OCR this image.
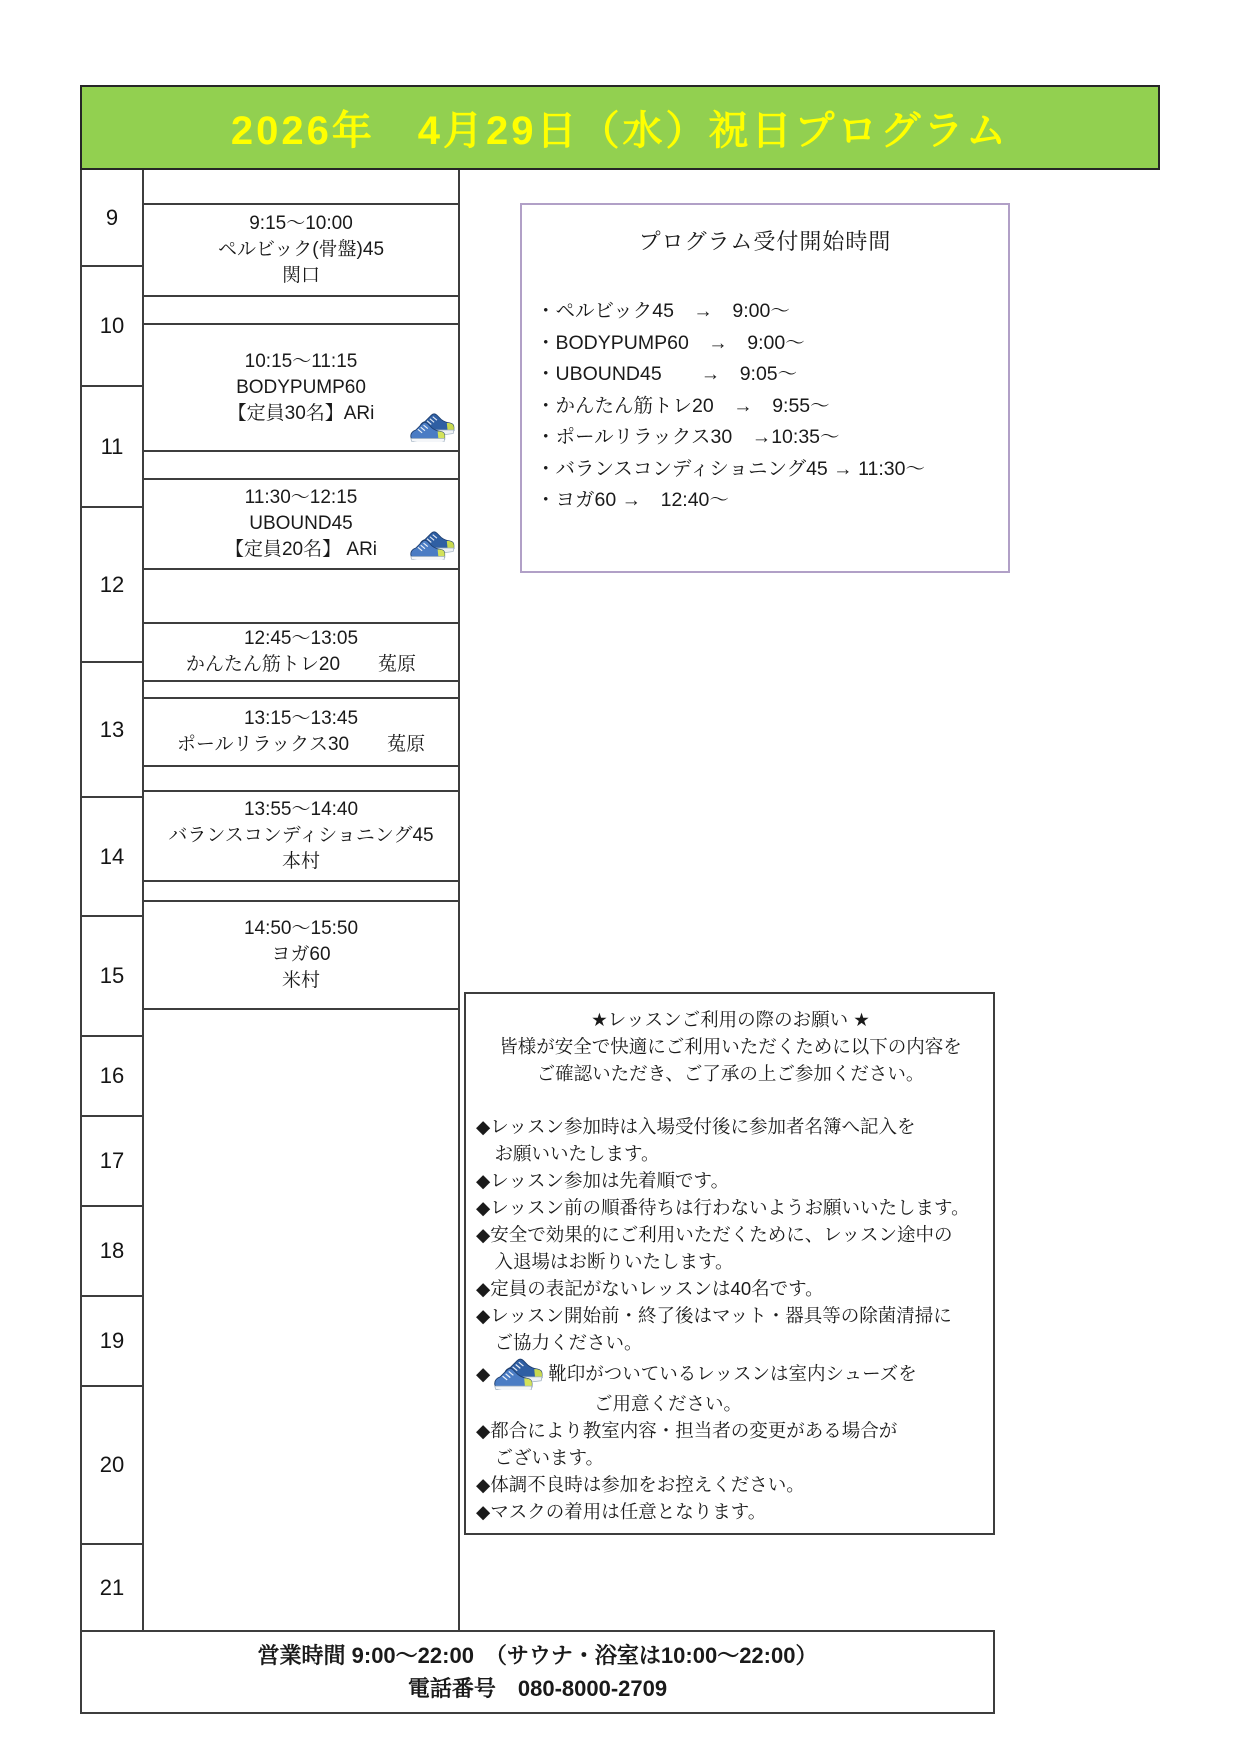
2026年　4月29日（水）祝日プログラム
9
10
11
12
13
14
15
16
17
18
19
20
21
9:15～10:00
ペルビック(骨盤)45
関口
10:15～11:15
BODYPUMP60
【定員30名】ARi
11:30～12:15
UBOUND45
【定員20名】 ARi
12:45～13:05
かんたん筋トレ20　　菟原
13:15～13:45
ポールリラックス30　　菟原
13:55～14:40
バランスコンディショニング45
本村
14:50～15:50
ヨガ60
米村
プログラム受付開始時間
・ペルビック45　→　9:00～
・BODYPUMP60　→　9:00～
・UBOUND45　　→　9:05～
・かんたん筋トレ20　→　9:55～
・ポールリラックス30　→10:35～
・バランスコンディショニング45 → 11:30～
・ヨガ60 →　12:40～
★レッスンご利用の際のお願い ★
皆様が安全で快適にご利用いただくために以下の内容を
ご確認いただき、ご了承の上ご参加ください。
◆レッスン参加時は入場受付後に参加者名簿へ記入を
お願いいたします。
◆レッスン参加は先着順です。
◆レッスン前の順番待ちは行わないようお願いいたします。
◆安全で効果的にご利用いただくために、レッスン途中の
入退場はお断りいたします。
◆定員の表記がないレッスンは40名です。
◆レッスン開始前・終了後はマット・器具等の除菌清掃に
ご協力ください。
◆	靴印がついているレッスンは室内シューズを
ご用意ください。
◆都合により教室内容・担当者の変更がある場合が
ございます。
◆体調不良時は参加をお控えください。
◆マスクの着用は任意となります。
営業時間 9:00～22:00　（サウナ・浴室は10:00～22:00）
電話番号　080-8000-2709
